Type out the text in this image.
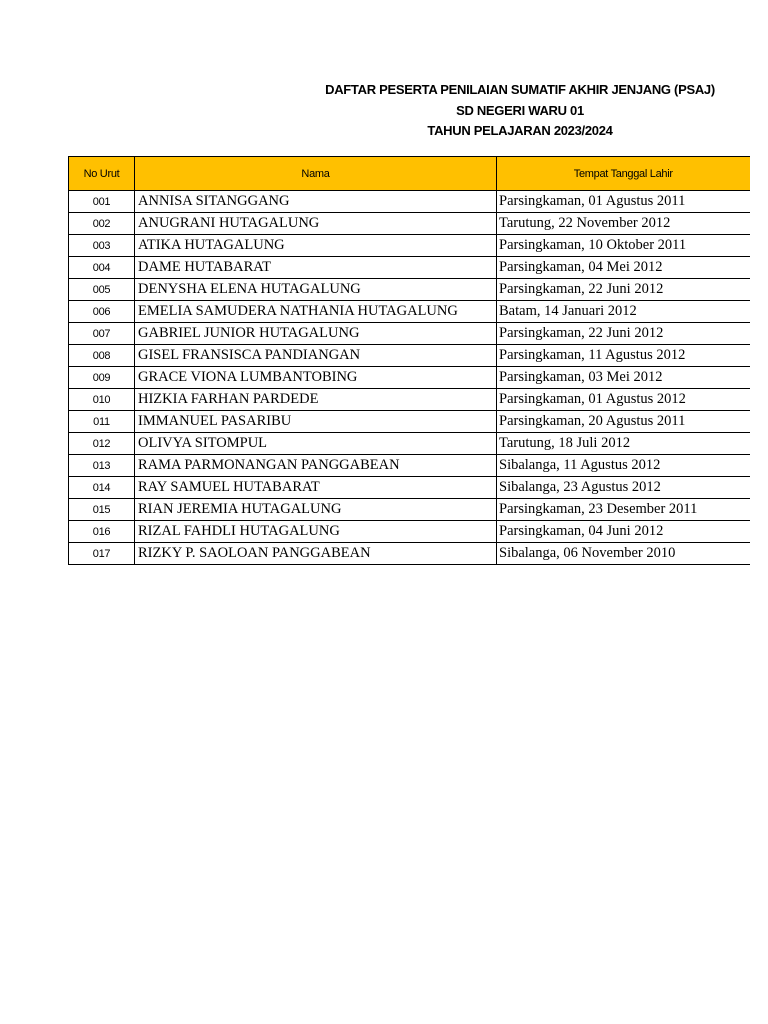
DAFTAR PESERTA PENILAIAN SUMATIF AKHIR JENJANG (PSAJ)
SD NEGERI WARU 01
TAHUN PELAJARAN 2023/2024
No Urut	Nama	Tempat Tanggal Lahir
001	ANNISA SITANGGANG	Parsingkaman, 01 Agustus 2011
002	ANUGRANI HUTAGALUNG	Tarutung, 22 November 2012
003	ATIKA HUTAGALUNG	Parsingkaman, 10 Oktober 2011
004	DAME HUTABARAT	Parsingkaman, 04 Mei 2012
005	DENYSHA ELENA HUTAGALUNG	Parsingkaman, 22 Juni 2012
006	EMELIA SAMUDERA NATHANIA HUTAGALUNG	Batam, 14 Januari 2012
007	GABRIEL JUNIOR HUTAGALUNG	Parsingkaman, 22 Juni 2012
008	GISEL FRANSISCA PANDIANGAN	Parsingkaman, 11 Agustus 2012
009	GRACE VIONA LUMBANTOBING	Parsingkaman, 03 Mei 2012
010	HIZKIA FARHAN PARDEDE	Parsingkaman, 01 Agustus 2012
011	IMMANUEL PASARIBU	Parsingkaman, 20 Agustus 2011
012	OLIVYA SITOMPUL	Tarutung, 18 Juli 2012
013	RAMA PARMONANGAN PANGGABEAN	Sibalanga, 11 Agustus 2012
014	RAY SAMUEL HUTABARAT	Sibalanga, 23 Agustus 2012
015	RIAN JEREMIA HUTAGALUNG	Parsingkaman, 23 Desember 2011
016	RIZAL FAHDLI HUTAGALUNG	Parsingkaman, 04 Juni 2012
017	RIZKY P. SAOLOAN PANGGABEAN	Sibalanga, 06 November 2010
